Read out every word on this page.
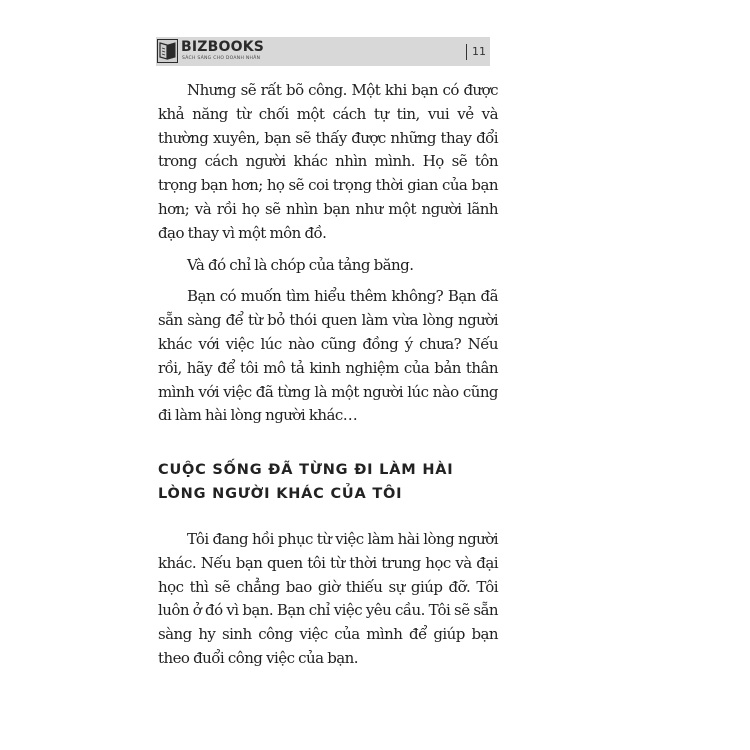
BIZBOOKS
SÁCH SÁNG CHO DOANH NHÂN
11

Nhưng sẽ rất bõ công. Một khi bạn có được khả năng từ chối một cách tự tin, vui vẻ và thường xuyên, bạn sẽ thấy được những thay đổi trong cách người khác nhìn mình. Họ sẽ tôn trọng bạn hơn; họ sẽ coi trọng thời gian của bạn hơn; và rồi họ sẽ nhìn bạn như một người lãnh đạo thay vì một môn đồ.

Và đó chỉ là chóp của tảng băng.

Bạn có muốn tìm hiểu thêm không? Bạn đã sẵn sàng để từ bỏ thói quen làm vừa lòng người khác với việc lúc nào cũng đồng ý chưa? Nếu rồi, hãy để tôi mô tả kinh nghiệm của bản thân mình với việc đã từng là một người lúc nào cũng đi làm hài lòng người khác…

CUỘC SỐNG ĐÃ TỪNG ĐI LÀM HÀI LÒNG NGƯỜI KHÁC CỦA TÔI

Tôi đang hồi phục từ việc làm hài lòng người khác. Nếu bạn quen tôi từ thời trung học và đại học thì sẽ chẳng bao giờ thiếu sự giúp đỡ. Tôi luôn ở đó vì bạn. Bạn chỉ việc yêu cầu. Tôi sẽ sẵn sàng hy sinh công việc của mình để giúp bạn theo đuổi công việc của bạn.
